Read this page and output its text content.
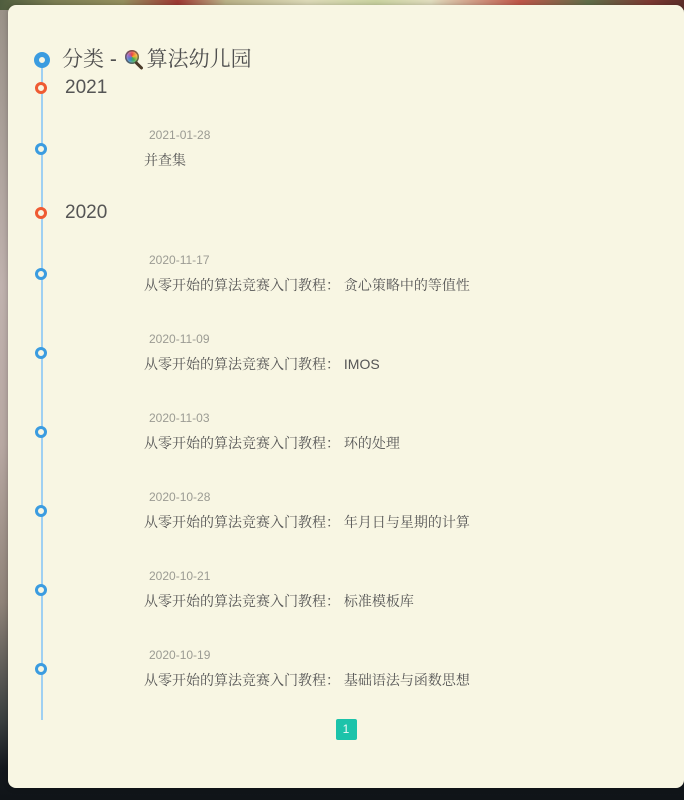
分类 -
算法幼儿园
2021
2021-01-28
并查集
2020
2020-11-17
从零开始的算法竞赛入门教程： 贪心策略中的等值性
2020-11-09
从零开始的算法竞赛入门教程： IMOS
2020-11-03
从零开始的算法竞赛入门教程： 环的处理
2020-10-28
从零开始的算法竞赛入门教程： 年月日与星期的计算
2020-10-21
从零开始的算法竞赛入门教程： 标准模板库
2020-10-19
从零开始的算法竞赛入门教程： 基础语法与函数思想
1
